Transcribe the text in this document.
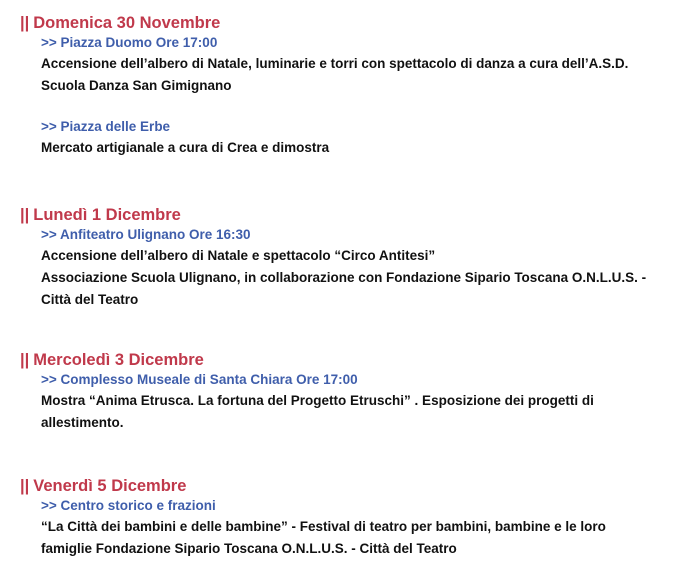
|| Domenica 30 Novembre
>> Piazza Duomo Ore 17:00
Accensione dell’albero di Natale, luminarie e torri con spettacolo di danza a cura dell’A.S.D. Scuola Danza San Gimignano
>> Piazza delle Erbe
Mercato artigianale a cura di Crea e dimostra
|| Lunedì 1 Dicembre
>> Anfiteatro Ulignano Ore 16:30
Accensione dell’albero di Natale e spettacolo “Circo Antitesi”
Associazione Scuola Ulignano, in collaborazione con Fondazione Sipario Toscana O.N.L.U.S. - Città del Teatro
|| Mercoledì 3 Dicembre
>> Complesso Museale di Santa Chiara Ore 17:00
Mostra “Anima Etrusca. La fortuna del Progetto Etruschi” . Esposizione dei progetti di allestimento.
|| Venerdì 5 Dicembre
>> Centro storico e frazioni
“La Città dei bambini e delle bambine” - Festival di teatro per bambini, bambine e le loro famiglie Fondazione Sipario Toscana O.N.L.U.S. - Città del Teatro
